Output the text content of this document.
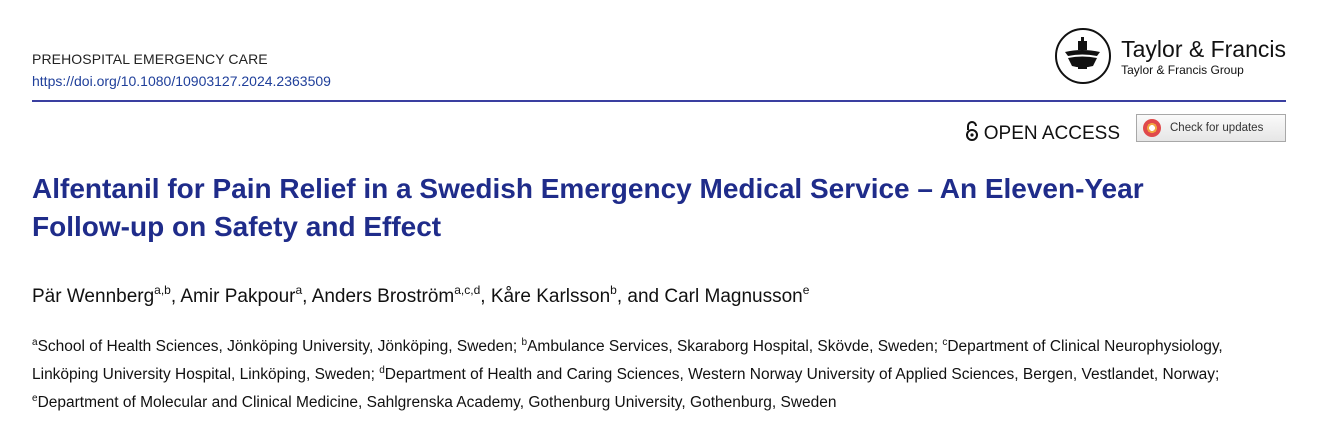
PREHOSPITAL EMERGENCY CARE
https://doi.org/10.1080/10903127.2024.2363509
Taylor & Francis
Taylor & Francis Group
OPEN ACCESS	Check for updates
Alfentanil for Pain Relief in a Swedish Emergency Medical Service – An Eleven-Year Follow-up on Safety and Effect
Pär Wennberg$^{a,b}$, Amir Pakpour$^a$, Anders Broström$^{a,c,d}$, Kåre Karlsson$^b$, and Carl Magnusson$^e$
$^a$School of Health Sciences, Jönköping University, Jönköping, Sweden; $^b$Ambulance Services, Skaraborg Hospital, Skövde, Sweden; $^c$Department of Clinical Neurophysiology, Linköping University Hospital, Linköping, Sweden; $^d$Department of Health and Caring Sciences, Western Norway University of Applied Sciences, Bergen, Vestlandet, Norway; $^e$Department of Molecular and Clinical Medicine, Sahlgrenska Academy, Gothenburg University, Gothenburg, Sweden
